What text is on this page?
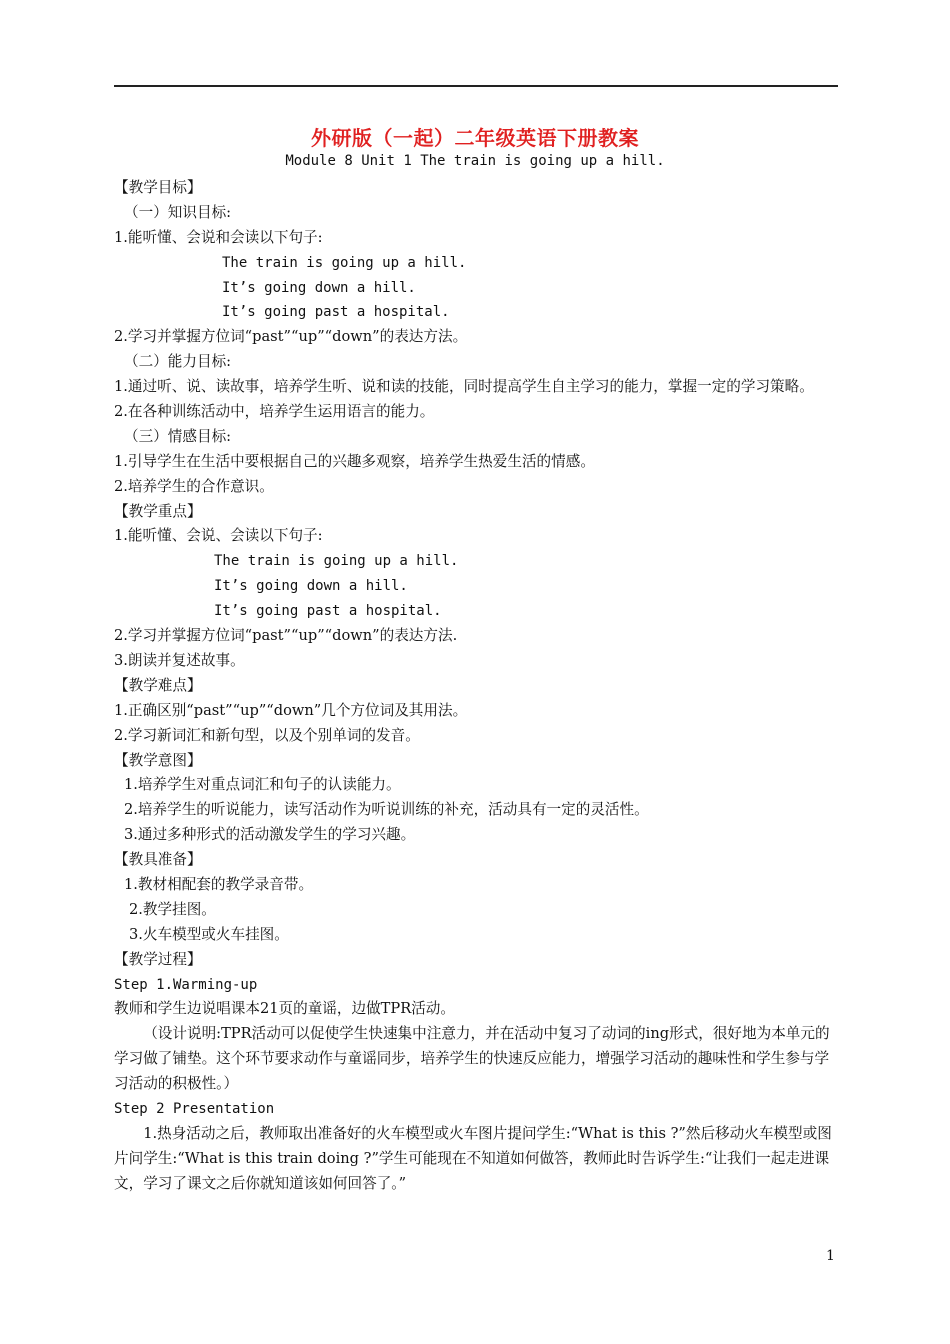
外研版（一起）二年级英语下册教案
Module 8 Unit 1 The train is going up a hill.
【教学目标】
（一）知识目标:
1.能听懂、会说和会读以下句子:
The train is going up a hill.
It’s going down a hill.
It’s going past a hospital.
2.学习并掌握方位词“past”“up”“down”的表达方法。
（二）能力目标:
1.通过听、说、读故事，培养学生听、说和读的技能，同时提高学生自主学习的能力，掌握一定的学习策略。
2.在各种训练活动中，培养学生运用语言的能力。
（三）情感目标:
1.引导学生在生活中要根据自己的兴趣多观察，培养学生热爱生活的情感。
2.培养学生的合作意识。
【教学重点】
1.能听懂、会说、会读以下句子:
The train is going up a hill.
It’s going down a hill.
It’s going past a hospital.
2.学习并掌握方位词“past”“up”“down”的表达方法.
3.朗读并复述故事。
【教学难点】
1.正确区别“past”“up”“down”几个方位词及其用法。
2.学习新词汇和新句型，以及个别单词的发音。
【教学意图】
1.培养学生对重点词汇和句子的认读能力。
2.培养学生的听说能力，读写活动作为听说训练的补充，活动具有一定的灵活性。
3.通过多种形式的活动激发学生的学习兴趣。
【教具准备】
1.教材相配套的教学录音带。
2.教学挂图。
3.火车模型或火车挂图。
【教学过程】
Step 1.Warming-up
教师和学生边说唱课本21页的童谣，边做TPR活动。
（设计说明:TPR活动可以促使学生快速集中注意力，并在活动中复习了动词的ing形式，很好地为本单元的学习做了铺垫。这个环节要求动作与童谣同步，培养学生的快速反应能力，增强学习活动的趣味性和学生参与学习活动的积极性。）
Step 2 Presentation
1.热身活动之后，教师取出准备好的火车模型或火车图片提问学生:“What is this ?”然后移动火车模型或图片问学生:“What is this train doing ?”学生可能现在不知道如何做答，教师此时告诉学生:“让我们一起走进课文，学习了课文之后你就知道该如何回答了。”
1
